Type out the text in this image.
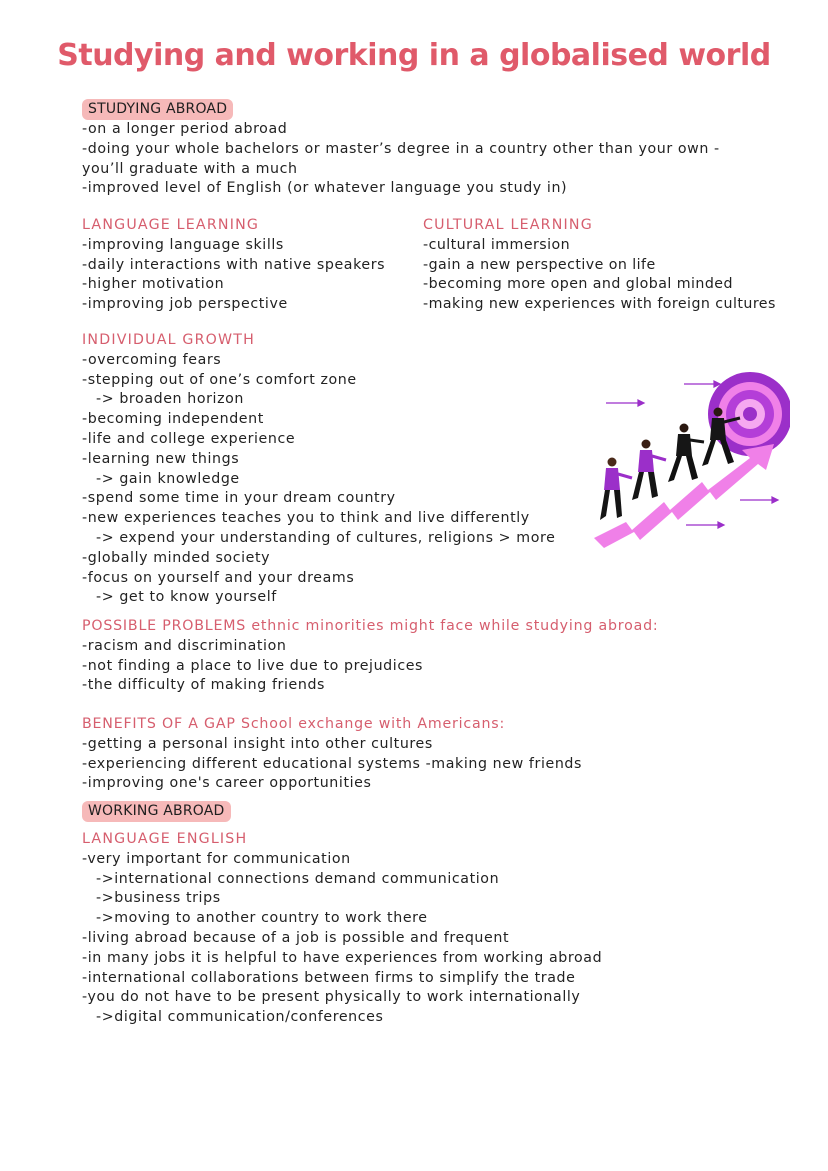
Studying and working in a globalised world
STUDYING ABROAD
-on a longer period abroad
-doing your whole bachelors or master’s degree in a country other than your own -
you’ll graduate with a much
-improved level of English (or whatever language you study in)
LANGUAGE LEARNING
-improving language skills
-daily interactions with native speakers
-higher motivation
-improving job perspective
CULTURAL LEARNING
-cultural immersion
-gain a new perspective on life
-becoming more open and global minded
-making new experiences with foreign cultures
INDIVIDUAL GROWTH
-overcoming fears
-stepping out of one’s comfort zone
-> broaden horizon
-becoming independent
-life and college experience
-learning new things
-> gain knowledge
-spend some time in your dream country
-new experiences teaches you to think and live differently
-> expend your understanding of cultures, religions > more
-globally minded society
-focus on yourself and your dreams
-> get to know yourself
POSSIBLE PROBLEMS ethnic minorities might face while studying abroad:
-racism and discrimination
-not finding a place to live due to prejudices
-the difficulty of making friends
BENEFITS OF A GAP School exchange with Americans:
-getting a personal insight into other cultures
-experiencing different educational systems -making new friends
-improving one's career opportunities
WORKING ABROAD
LANGUAGE ENGLISH
-very important for communication
->international connections demand communication
->business trips
->moving to another country to work there
-living abroad because of a job is possible and frequent
-in many jobs it is helpful to have experiences from working abroad
-international collaborations between firms to simplify the trade
-you do not have to be present physically to work internationally
->digital communication/conferences
